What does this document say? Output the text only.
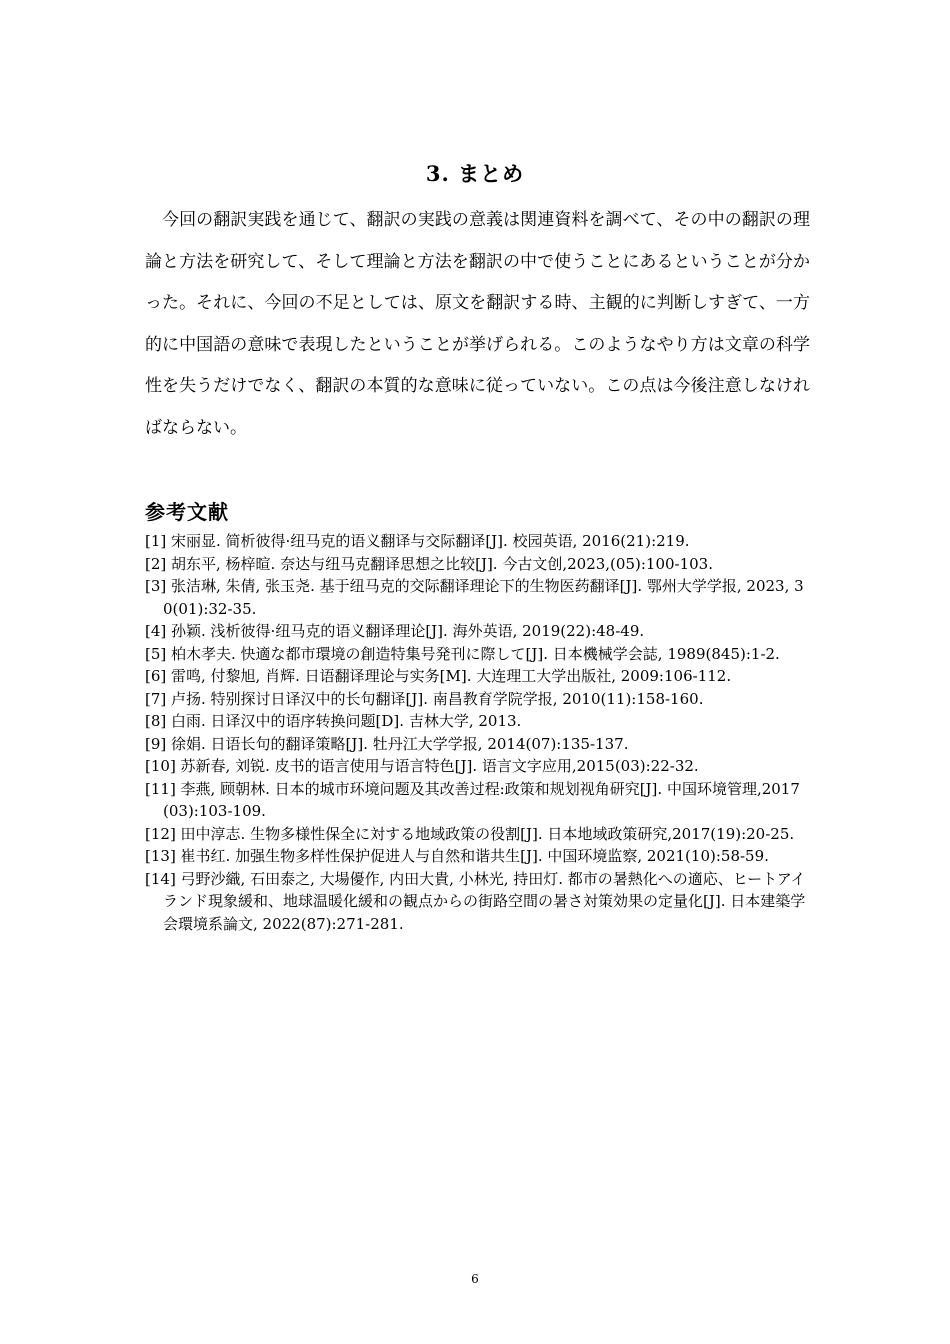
3. まとめ

今回の翻訳実践を通じて、翻訳の実践の意義は関連資料を調べて、その中の翻訳の理論と方法を研究して、そして理論と方法を翻訳の中で使うことにあるということが分かった。それに、今回の不足としては、原文を翻訳する時、主観的に判断しすぎて、一方的に中国語の意味で表現したということが挙げられる。このようなやり方は文章の科学性を失うだけでなく、翻訳の本質的な意味に従っていない。この点は今後注意しなければならない。

参考文献
[1] 宋丽显. 简析彼得·纽马克的语义翻译与交际翻译[J]. 校园英语, 2016(21):219.
[2] 胡东平, 杨梓暄. 奈达与纽马克翻译思想之比较[J]. 今古文创,2023,(05):100-103.
[3] 张洁琳, 朱倩, 张玉尧. 基于纽马克的交际翻译理论下的生物医药翻译[J]. 鄂州大学学报, 2023, 30(01):32-35.
[4] 孙颖. 浅析彼得·纽马克的语义翻译理论[J]. 海外英语, 2019(22):48-49.
[5] 柏木孝夫. 快適な都市環境の創造特集号発刊に際して[J]. 日本機械学会誌, 1989(845):1-2.
[6] 雷鸣, 付黎旭, 肖辉. 日语翻译理论与实务[M]. 大连理工大学出版社, 2009:106-112.
[7] 卢扬. 特别探讨日译汉中的长句翻译[J]. 南昌教育学院学报, 2010(11):158-160.
[8] 白雨. 日译汉中的语序转换问题[D]. 吉林大学, 2013.
[9] 徐娟. 日语长句的翻译策略[J]. 牡丹江大学学报, 2014(07):135-137.
[10] 苏新春, 刘锐. 皮书的语言使用与语言特色[J]. 语言文字应用,2015(03):22-32.
[11] 李燕, 顾朝林. 日本的城市环境问题及其改善过程:政策和规划视角研究[J]. 中国环境管理,2017(03):103-109.
[12] 田中淳志. 生物多様性保全に対する地域政策の役割[J]. 日本地域政策研究,2017(19):20-25.
[13] 崔书红. 加强生物多样性保护促进人与自然和谐共生[J]. 中国环境监察, 2021(10):58-59.
[14] 弓野沙織, 石田泰之, 大場優作, 内田大貴, 小林光, 持田灯. 都市の暑熱化への適応、ヒートアイランド現象緩和、地球温暖化緩和の観点からの街路空間の暑さ対策効果の定量化[J]. 日本建築学会環境系論文, 2022(87):271-281.
6
